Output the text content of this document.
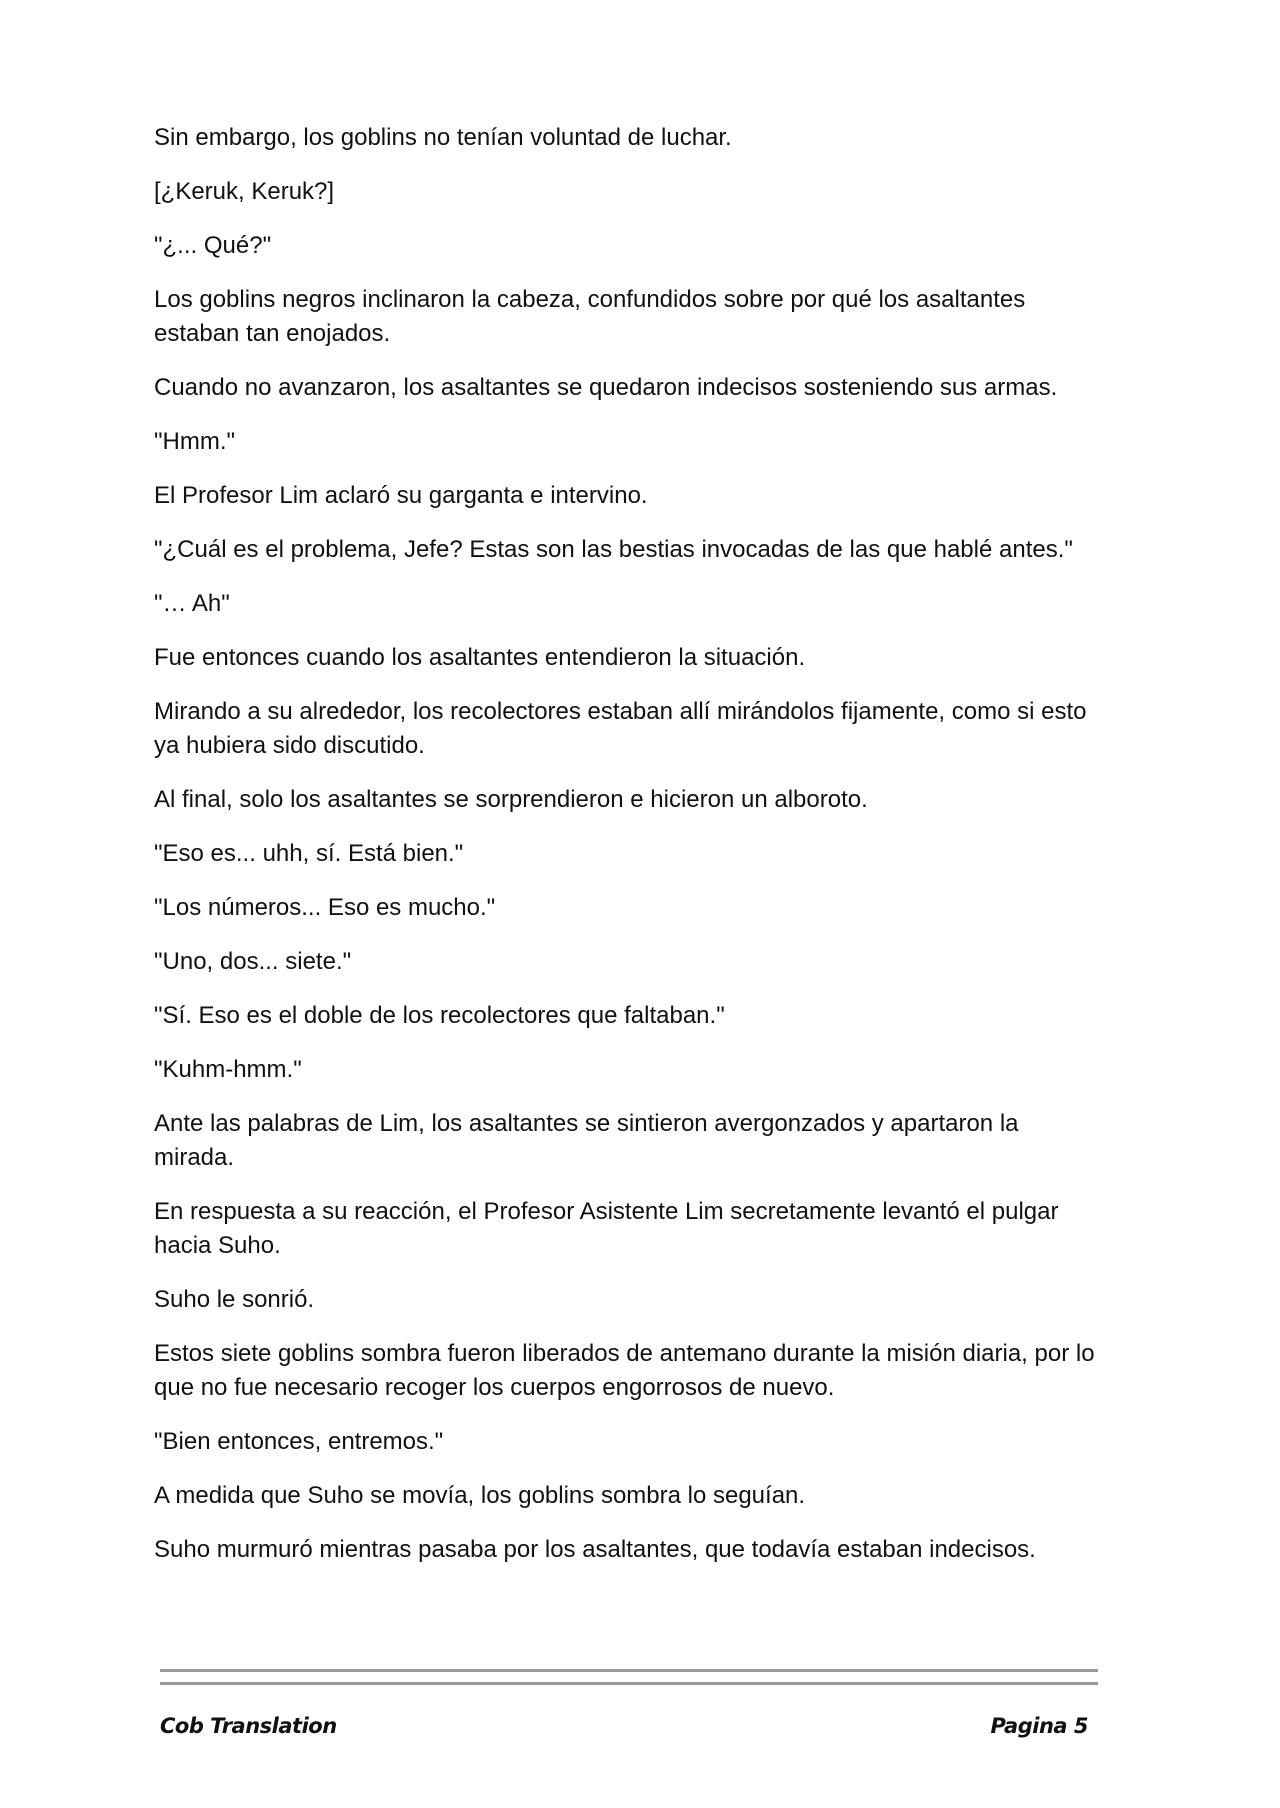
Sin embargo, los goblins no tenían voluntad de luchar.

[¿Keruk, Keruk?]

"¿... Qué?"

Los goblins negros inclinaron la cabeza, confundidos sobre por qué los asaltantes estaban tan enojados.

Cuando no avanzaron, los asaltantes se quedaron indecisos sosteniendo sus armas.

"Hmm."

El Profesor Lim aclaró su garganta e intervino.

"¿Cuál es el problema, Jefe? Estas son las bestias invocadas de las que hablé antes."

"… Ah"

Fue entonces cuando los asaltantes entendieron la situación.

Mirando a su alrededor, los recolectores estaban allí mirándolos fijamente, como si esto ya hubiera sido discutido.

Al final, solo los asaltantes se sorprendieron e hicieron un alboroto.

"Eso es... uhh, sí. Está bien."

"Los números... Eso es mucho."

"Uno, dos... siete."

"Sí. Eso es el doble de los recolectores que faltaban."

"Kuhm-hmm."

Ante las palabras de Lim, los asaltantes se sintieron avergonzados y apartaron la mirada.

En respuesta a su reacción, el Profesor Asistente Lim secretamente levantó el pulgar hacia Suho.

Suho le sonrió.

Estos siete goblins sombra fueron liberados de antemano durante la misión diaria, por lo que no fue necesario recoger los cuerpos engorrosos de nuevo.

"Bien entonces, entremos."

A medida que Suho se movía, los goblins sombra lo seguían.

Suho murmuró mientras pasaba por los asaltantes, que todavía estaban indecisos.

Cob Translation	Pagina 5
